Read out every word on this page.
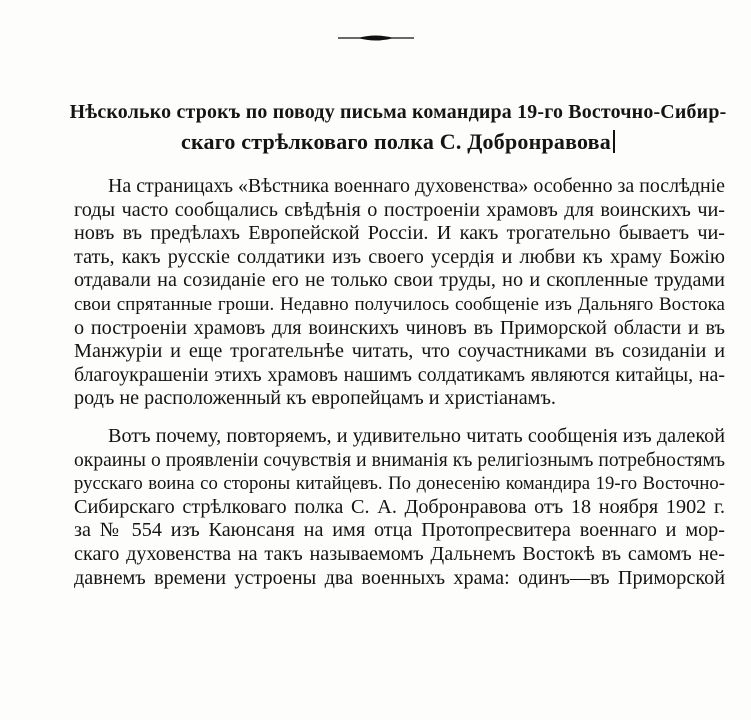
Нѣсколько строкъ по поводу письма командира 19-го Восточно-Сибир-
скаго стрѣлковаго полка С. Добронравова

На страницахъ «Вѣстника военнаго духовенства» особенно за послѣдніе
годы часто сообщались свѣдѣнія о построеніи храмовъ для воинскихъ чи-
новъ въ предѣлахъ Европейской Россіи. И какъ трогательно бываетъ чи-
тать, какъ русскіе солдатики изъ своего усердія и любви къ храму Божію
отдавали на созиданіе его не только свои труды, но и скопленные трудами
свои спрятанные гроши. Недавно получилось сообщеніе изъ Дальняго Востока
о построеніи храмовъ для воинскихъ чиновъ въ Приморской области и въ
Манжуріи и еще трогательнѣе читать, что соучастниками въ созиданіи и
благоукрашеніи этихъ храмовъ нашимъ солдатикамъ являются китайцы, на-
родъ не расположенный къ европейцамъ и христіанамъ.

Вотъ почему, повторяемъ, и удивительно читать сообщенія изъ далекой
окраины о проявленіи сочувствія и вниманія къ религіознымъ потребностямъ
русскаго воина со стороны китайцевъ. По донесенію командира 19-го Восточно-
Сибирскаго стрѣлковаго полка С. А. Добронравова отъ 18 ноября 1902 г.
за № 554 изъ Каюнсаня на имя отца Протопресвитера военнаго и мор-
скаго духовенства на такъ называемомъ Дальнемъ Востокѣ въ самомъ не-
давнемъ времени устроены два военныхъ храма: одинъ—въ Приморской
